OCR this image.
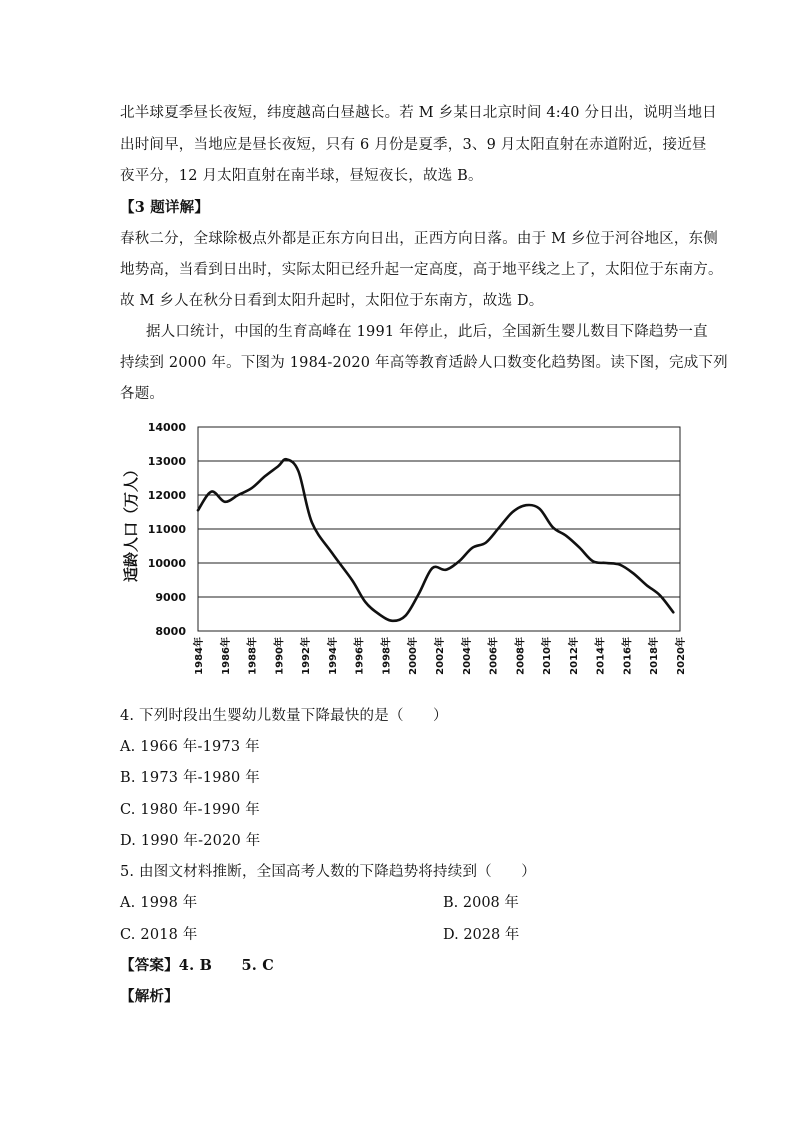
北半球夏季昼长夜短，纬度越高白昼越长。若 M 乡某日北京时间 4:40 分日出，说明当地日
出时间早，当地应是昼长夜短，只有 6 月份是夏季，3、9 月太阳直射在赤道附近，接近昼
夜平分，12 月太阳直射在南半球，昼短夜长，故选 B。
【3 题详解】
春秋二分，全球除极点外都是正东方向日出，正西方向日落。由于 M 乡位于河谷地区，东侧
地势高，当看到日出时，实际太阳已经升起一定高度，高于地平线之上了，太阳位于东南方。
故 M 乡人在秋分日看到太阳升起时，太阳位于东南方，故选 D。
据人口统计，中国的生育高峰在 1991 年停止，此后，全国新生婴儿数目下降趋势一直
持续到 2000 年。下图为 1984-2020 年高等教育适龄人口数变化趋势图。读下图，完成下列
各题。
8000
9000
10000
11000
12000
13000
14000
1984年 1986年 1988年 1990年 1992年 1994年 1996年 1998年 2000年 2002年 2004年 2006年 2008年 2010年 2012年 2014年 2016年 2018年 2020年
适龄人口（万人）
4. 下列时段出生婴幼儿数量下降最快的是（　　）
A. 1966 年-1973 年
B. 1973 年-1980 年
C. 1980 年-1990 年
D. 1990 年-2020 年
5. 由图文材料推断，全国高考人数的下降趋势将持续到（　　）
A. 1998 年	B. 2008 年
C. 2018 年	D. 2028 年
【答案】4. B　　5. C
【解析】
